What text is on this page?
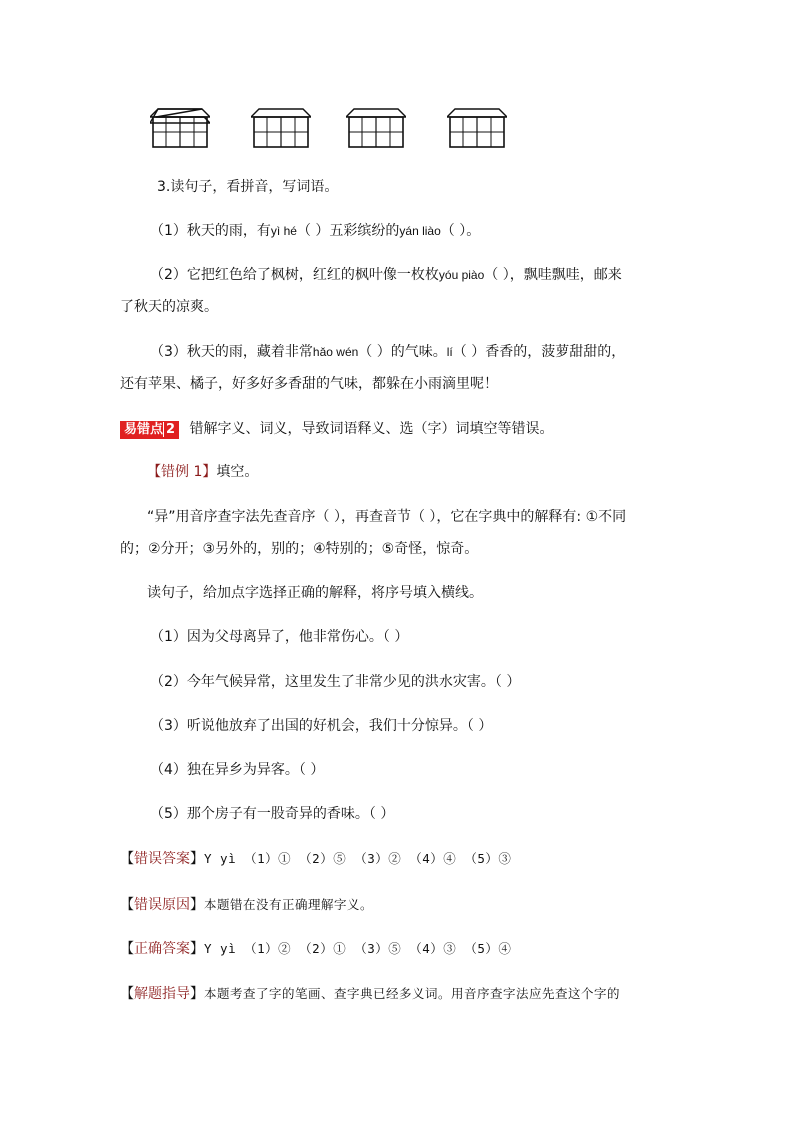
3.读句子，看拼音，写词语。
（1）秋天的雨，有yì hé（ ）五彩缤纷的yán liào（ ）。
（2）它把红色给了枫树，红红的枫叶像一枚枚yóu piào（ ），飘哇飘哇，邮来
了秋天的凉爽。
（3）秋天的雨，藏着非常hǎo wén（ ）的气味。lí（ ）香香的，菠萝甜甜的，
还有苹果、橘子，好多好多香甜的气味，都躲在小雨滴里呢！
易错点 2 错解字义、词义，导致词语释义、选（字）词填空等错误。
【错例 1】填空。
“异”用音序查字法先查音序（ ），再查音节（ ），它在字典中的解释有: ①不同
的；②分开；③另外的，别的；④特别的；⑤奇怪，惊奇。
读句子，给加点字选择正确的解释，将序号填入横线。
（1）因为父母离异了，他非常伤心。（ ）
（2）今年气候异常，这里发生了非常少见的洪水灾害。（ ）
（3）听说他放弃了出国的好机会，我们十分惊异。（ ）
（4）独在异乡为异客。（ ）
（5）那个房子有一股奇异的香味。（ ）
【错误答案】Y yì （1）① （2）⑤ （3）② （4）④ （5）③
【错误原因】本题错在没有正确理解字义。
【正确答案】Y yì （1）② （2）① （3）⑤ （4）③ （5）④
【解题指导】本题考查了字的笔画、查字典已经多义词。用音序查字法应先查这个字的
